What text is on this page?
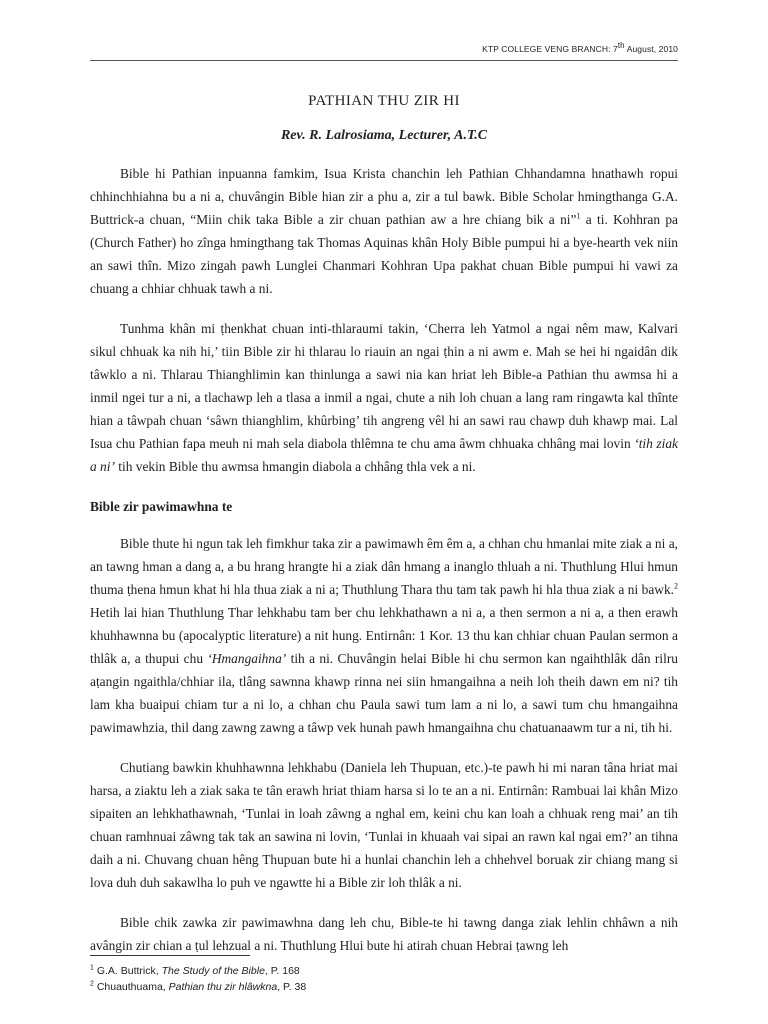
KTP COLLEGE VENG BRANCH: 7th August, 2010
PATHIAN THU ZIR HI
Rev. R. Lalrosiama, Lecturer, A.T.C

Bible hi Pathian inpuanna famkim, Isua Krista chanchin leh Pathian Chhandamna hnathawh ropui chhinchhiahna bu a ni a, chuvângin Bible hian zir a phu a, zir a tul bawk. Bible Scholar hmingthanga G.A. Buttrick-a chuan, “Miin chik taka Bible a zir chuan pathian aw a hre chiang bik a ni”$^1$ a ti. Kohhran pa (Church Father) ho zînga hmingthang tak Thomas Aquinas khân Holy Bible pumpui hi a bye-hearth vek niin an sawi thîn. Mizo zingah pawh Lunglei Chanmari Kohhran Upa pakhat chuan Bible pumpui hi vawi za chuang a chhiar chhuak tawh a ni.

Tunhma khân mi ṭhenkhat chuan inti-thlaraumi takin, ‘Cherra leh Yatmol a ngai nêm maw, Kalvari sikul chhuak ka nih hi,’ tiin Bible zir hi thlarau lo riauin an ngai ṭhin a ni awm e. Mah se hei hi ngaidân dik tâwklo a ni. Thlarau Thianghlimin kan thinlunga a sawi nia kan hriat leh Bible-a Pathian thu awmsa hi a inmil ngei tur a ni, a tlachawp leh a tlasa a inmil a ngai, chute a nih loh chuan a lang ram ringawta kal thînte hian a tâwpah chuan ‘sâwn thianghlim, khûrbing’ tih angreng vêl hi an sawi rau chawp duh khawp mai. Lal Isua chu Pathian fapa meuh ni mah sela diabola thlêmna te chu ama âwm chhuaka chhâng mai lovin ‘tih ziak a ni’ tih vekin Bible thu awmsa hmangin diabola a chhâng thla vek a ni.

Bible zir pawimawhna te

Bible thute hi ngun tak leh fimkhur taka zir a pawimawh êm êm a, a chhan chu hmanlai mite ziak a ni a, an tawng hman a dang a, a bu hrang hrangte hi a ziak dân hmang a inanglo thluah a ni. Thuthlung Hlui hmun thuma ṭhena hmun khat hi hla thua ziak a ni a; Thuthlung Thara thu tam tak pawh hi hla thua ziak a ni bawk.$^2$ Hetih lai hian Thuthlung Thar lehkhabu tam ber chu lehkhathawn a ni a, a then sermon a ni a, a then erawh khuhhawnna bu (apocalyptic literature) a nit hung. Entirnân: 1 Kor. 13 thu kan chhiar chuan Paulan sermon a thlâk a, a thupui chu ‘Hmangaihna’ tih a ni. Chuvângin helai Bible hi chu sermon kan ngaihthlâk dân rilru aṭangin ngaithla/chhiar ila, tlâng sawnna khawp rinna nei siin hmangaihna a neih loh theih dawn em ni? tih lam kha buaipui chiam tur a ni lo, a chhan chu Paula sawi tum lam a ni lo, a sawi tum chu hmangaihna pawimawhzia, thil dang zawng zawng a tâwp vek hunah pawh hmangaihna chu chatuanaawm tur a ni, tih hi.

Chutiang bawkin khuhhawnna lehkhabu (Daniela leh Thupuan, etc.)-te pawh hi mi naran tâna hriat mai harsa, a ziaktu leh a ziak saka te tân erawh hriat thiam harsa si lo te an a ni. Entirnân: Rambuai lai khân Mizo sipaiten an lehkhathawnah, ‘Tunlai in loah zâwng a nghal em, keini chu kan loah a chhuak reng mai’ an tih chuan ramhnuai zâwng tak tak an sawina ni lovin, ‘Tunlai in khuaah vai sipai an rawn kal ngai em?’ an tihna daih a ni. Chuvang chuan hêng Thupuan bute hi a hunlai chanchin leh a chhehvel boruak zir chiang mang si lova duh duh sakawlha lo puh ve ngawtte hi a Bible zir loh thlâk a ni.

Bible chik zawka zir pawimawhna dang leh chu, Bible-te hi tawng danga ziak lehlin chhâwn a nih avângin zir chian a ṭul lehzual a ni. Thuthlung Hlui bute hi atirah chuan Hebrai ṭawng leh

$^1$ G.A. Buttrick, The Study of the Bible, P. 168
$^2$ Chuauthuama, Pathian thu zir hlâwkna, P. 38
